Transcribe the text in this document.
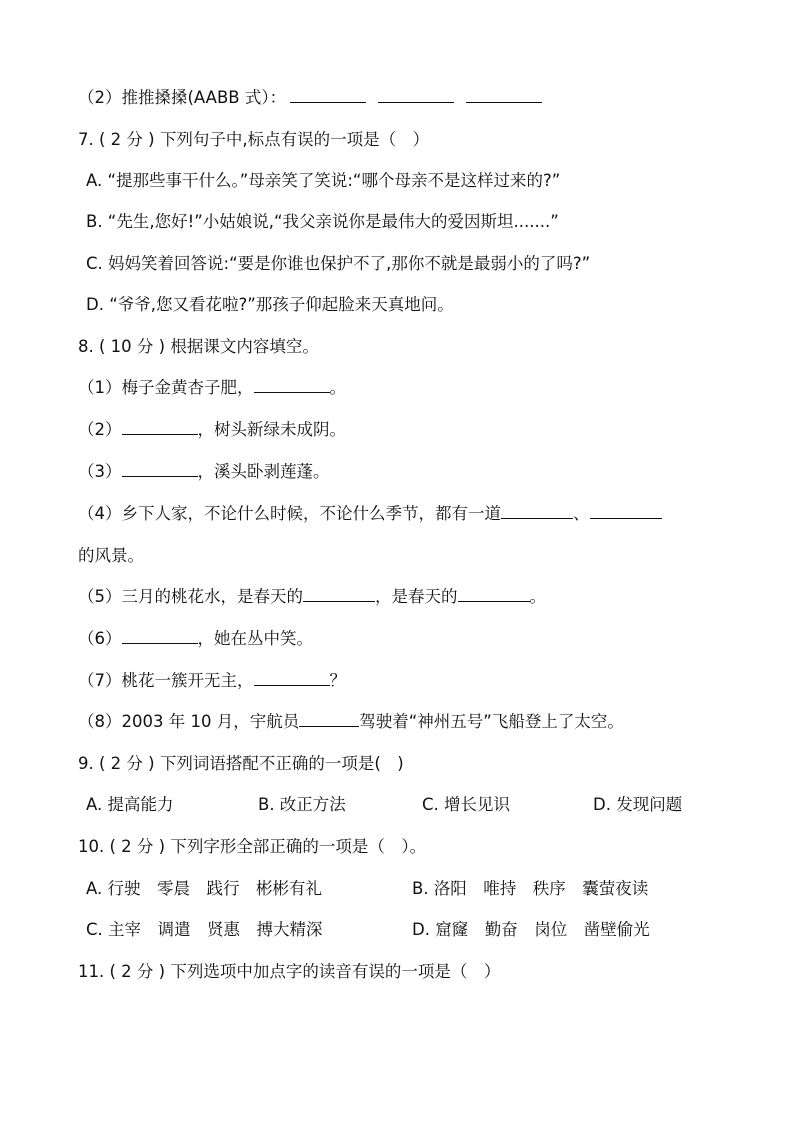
（2）推推搡搡(AABB 式）：
7. ( 2 分 ) 下列句子中,标点有误的一项是（　）
A. “提那些事干什么。”母亲笑了笑说:“哪个母亲不是这样过来的?”
B. “先生,您好!”小姑娘说,“我父亲说你是最伟大的爱因斯坦.......”
C. 妈妈笑着回答说:“要是你谁也保护不了,那你不就是最弱小的了吗?”
D. “爷爷,您又看花啦?”那孩子仰起脸来天真地问。
8. ( 10 分 ) 根据课文内容填空。
（1）梅子金黄杏子肥，	。
（2）	，树头新绿未成阴。
（3）	，溪头卧剥莲蓬。
（4）乡下人家，不论什么时候，不论什么季节，都有一道	、
的风景。
（5）三月的桃花水，是春天的	，是春天的	。
（6）	，她在丛中笑。
（7）桃花一簇开无主，	？
（8）2003 年 10 月，宇航员	驾驶着“神州五号”飞船登上了太空。
9. ( 2 分 ) 下列词语搭配不正确的一项是(　)
A. 提高能力	B. 改正方法	C. 增长见识	D. 发现问题
10. ( 2 分 ) 下列字形全部正确的一项是（　）。
A. 行驶　零晨　践行　彬彬有礼	B. 洛阳　唯持　秩序　囊萤夜读
C. 主宰　调遣　贤惠　搏大精深	D. 窟窿　勤奋　岗位　凿壁偷光
11. ( 2 分 ) 下列选项中加点字的读音有误的一项是（　）
